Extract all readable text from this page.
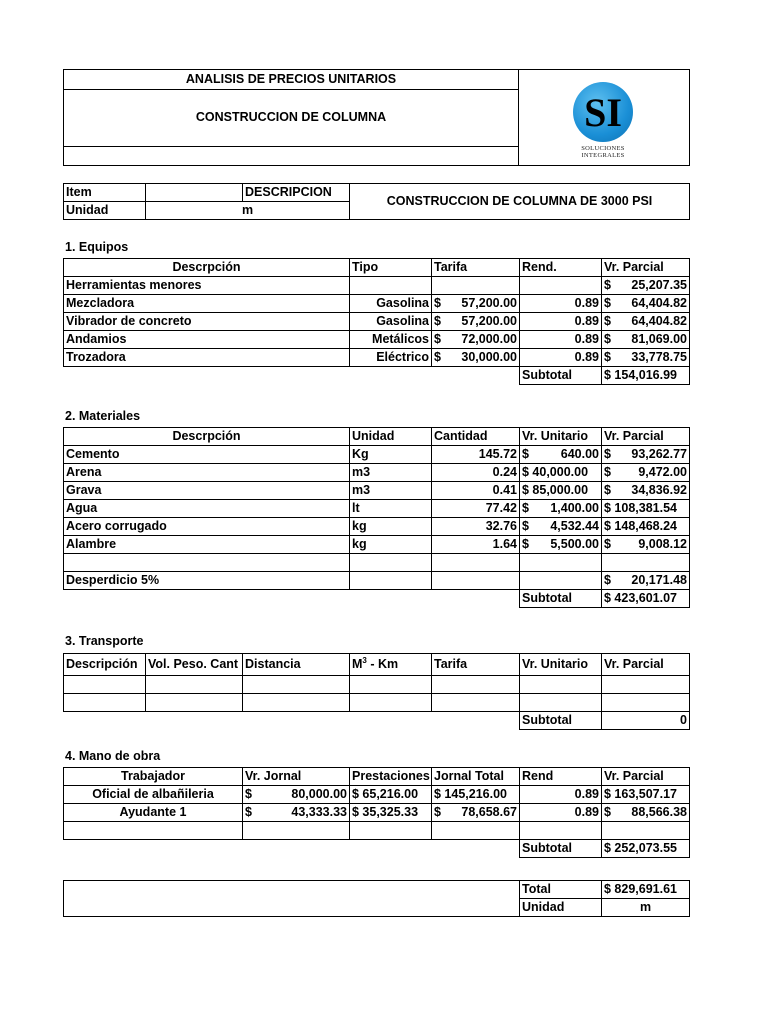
ANALISIS DE PRECIOS UNITARIOS	
CONSTRUCCION DE COLUMNA	SI
SOLUCIONES
INTEGRALES
Item		DESCRIPCION	CONSTRUCCION DE COLUMNA DE 3000 PSI
Unidad	m		
1. Equipos
Descrpción	Tipo	Tarifa	Rend.	Vr. Parcial
Herramientas menores				$ 25,207.35

Mezcladora	Gasolina	$ 57,200.00	0.89	$ 64,404.82

Vibrador de concreto	Gasolina	$ 57,200.00	0.89	$ 64,404.82

Andamios	Metálicos	$ 72,000.00	0.89	$ 81,069.00

Trozadora	Eléctrico	$ 30,000.00	0.89	$ 33,778.75

			Subtotal	$ 154,016.99
2. Materiales
Descrpción	Unidad	Cantidad	Vr. Unitario	Vr. Parcial
Cemento	Kg	145.72	$ 640.00	$ 93,262.77

Arena	m3	0.24	$ 40,000.00	$ 9,472.00

Grava	m3	0.41	$ 85,000.00	$ 34,836.92

Agua	lt	77.42	$ 1,400.00	$ 108,381.54
Acero corrugado	kg	32.76	$ 4,532.44	$ 148,468.24
Alambre	kg	1.64	$ 5,500.00	$ 9,008.12

Desperdicio 5%				$ 20,171.48

			Subtotal	$ 423,601.07
3. Transporte
Descripción	Vol. Peso. Cant	Distancia	$M^3$ - Km	Tarifa	Vr. Unitario	Vr. Parcial

					Subtotal	0
4. Mano de obra
Trabajador	Vr. Jornal	Prestaciones	Jornal Total	Rend	Vr. Parcial
Oficial de albañileria	$ 80,000.00	$ 65,216.00	$ 145,216.00	0.89	$ 163,507.17
Ayudante 1	$ 43,333.33	$ 35,325.33	$ 78,658.67	0.89	$ 88,566.38

				Subtotal	$ 252,073.55
	Total	$ 829,691.61
	Unidad	m
